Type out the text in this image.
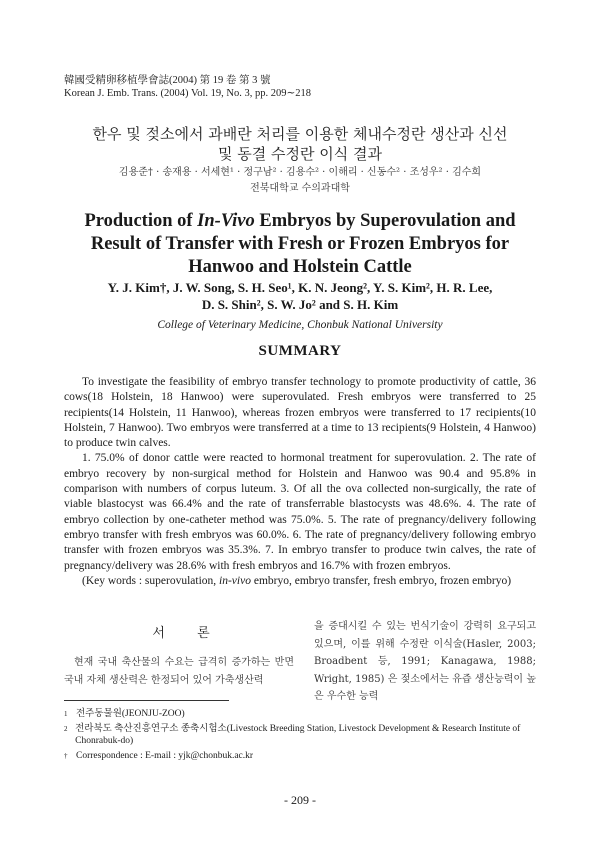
韓國受精卵移植學會誌(2004) 第 19 卷 第 3 號
Korean J. Emb. Trans. (2004) Vol. 19, No. 3, pp. 209∼218
한우 및 젖소에서 과배란 처리를 이용한 체내수정란 생산과 신선
및 동결 수정란 이식 결과
김용준† · 송재용 · 서세현¹ · 정구남² · 김용수² · 이해리 · 신동수² · 조성우² · 김수희
전북대학교 수의과대학
Production of In-Vivo Embryos by Superovulation and
Result of Transfer with Fresh or Frozen Embryos for
Hanwoo and Holstein Cattle
Y. J. Kim†, J. W. Song, S. H. Seo¹, K. N. Jeong², Y. S. Kim², H. R. Lee,
D. S. Shin², S. W. Jo² and S. H. Kim
College of Veterinary Medicine, Chonbuk National University
SUMMARY

To investigate the feasibility of embryo transfer technology to promote productivity of cattle, 36 cows(18 Holstein, 18 Hanwoo) were superovulated. Fresh embryos were transferred to 25 recipients(14 Holstein, 11 Hanwoo), whereas frozen embryos were transferred to 17 recipients(10 Holstein, 7 Hanwoo). Two embryos were transferred at a time to 13 recipients(9 Holstein, 4 Hanwoo) to produce twin calves.

1. 75.0% of donor cattle were reacted to hormonal treatment for superovulation. 2. The rate of embryo recovery by non-surgical method for Holstein and Hanwoo was 90.4 and 95.8% in comparison with numbers of corpus luteum. 3. Of all the ova collected non-surgically, the rate of viable blastocyst was 66.4% and the rate of transferrable blastocysts was 48.6%. 4. The rate of embryo collection by one-catheter method was 75.0%. 5. The rate of pregnancy/delivery following embryo transfer with fresh embryos was 60.0%. 6. The rate of pregnancy/delivery following embryo transfer with frozen embryos was 35.3%. 7. In embryo transfer to produce twin calves, the rate of pregnancy/delivery was 28.6% with fresh embryos and 16.7% with frozen embryos.

(Key words : superovulation, in-vivo embryo, embryo transfer, fresh embryo, frozen embryo)

서 론

현재 국내 축산물의 수요는 급격히 증가하는 반면 국내 자체 생산력은 한정되어 있어 가축생산력

을 증대시킬 수 있는 번식기술이 강력히 요구되고 있으며, 이를 위해 수정란 이식술(Hasler, 2003; Broadbent 등, 1991; Kanagawa, 1988; Wright, 1985) 은 젖소에서는 유즙 생산능력이 높은 우수한 능력

1 전주동물원(JEONJU-ZOO)
2 전라북도 축산진흥연구소 종축시험소(Livestock Breeding Station, Livestock Development & Research Institute of Chonrabuk-do)
† Correspondence : E-mail : yjk@chonbuk.ac.kr
- 209 -
